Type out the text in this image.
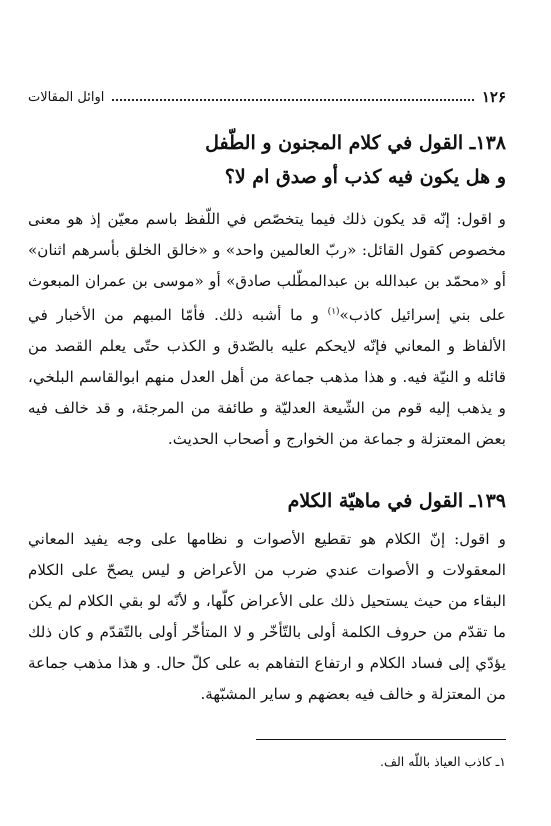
١٢۶
اوائل المقالات
١٣٨ـ القول في كلام المجنون و الطّفل
و هل يكون فيه كذب أو صدق ام لا؟

و اقول: إنّه قد يكون ذلك فيما يتخصّص في اللّفظ باسم معيّن إذ هو معنى مخصوص كقول القائل: «ربّ العالمين واحد» و «خالق الخلق بأسرهم اثنان» أو «محمّد بن عبدالله بن عبدالمطّلب صادق» أو «موسى بن عمران المبعوث على بني إسرائيل كاذب»$^{(١)}$ و ما أشبه ذلك. فأمّا المبهم من الأخبار في الألفاظ و المعاني فإنّه لايحكم عليه بالصّدق و الكذب حتّى يعلم القصد من قائله و النيّة فيه. و هذا مذهب جماعة من أهل العدل منهم ابوالقاسم البلخي، و يذهب إليه قوم من الشّيعة العدليّة و طائفة من المرجئة، و قد خالف فيه بعض المعتزلة و جماعة من الخوارج و أصحاب الحديث.

١٣٩ـ القول في ماهيّة الكلام

و اقول: إنّ الكلام هو تقطيع الأصوات و نظامها على وجه يفيد المعاني المعقولات و الأصوات عندي ضرب من الأعراض و ليس يصحّ على الكلام البقاء من حيث يستحيل ذلك على الأعراض كلّها، و لأنّه لو بقي الكلام لم يكن ما تقدّم من حروف الكلمة أولى بالتّأخّر و لا المتأخّر أولى بالتّقدّم و كان ذلك يؤدّي إلى فساد الكلام و ارتفاع التفاهم به على كلّ حال. و هذا مذهب جماعة من المعتزلة و خالف فيه بعضهم و ساير المشبّهة.

١ـ كاذب العياذ باللّه الف.
